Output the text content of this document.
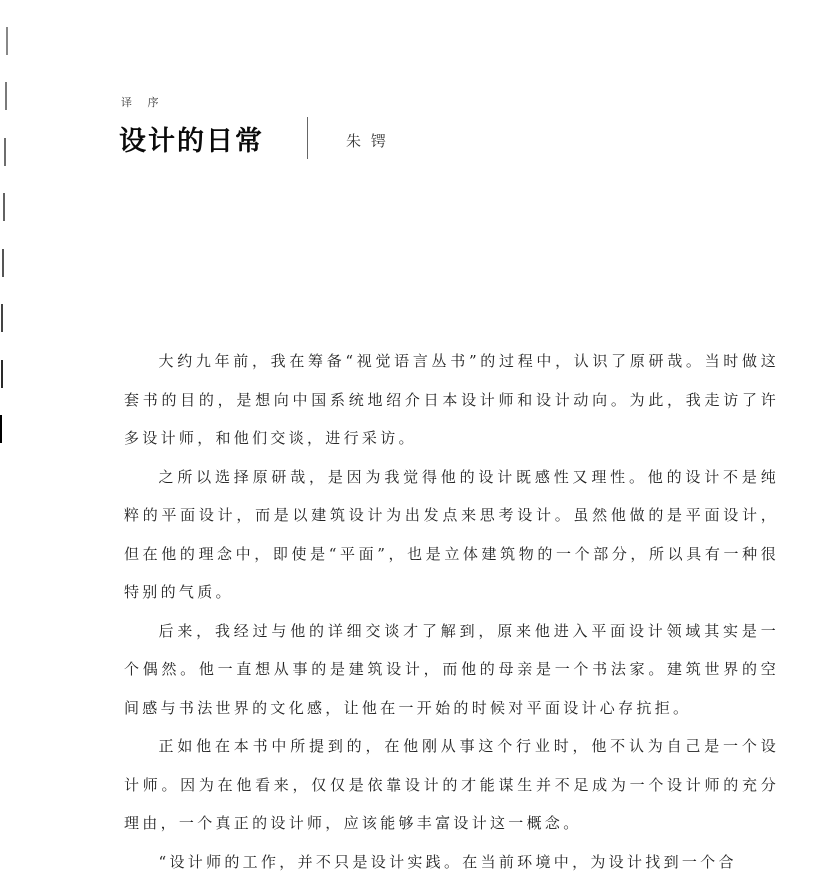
译 序
设计的日常	朱锷

大约九年前，我在筹备“视觉语言丛书”的过程中，认识了原研哉。当时做这套书的目的，是想向中国系统地绍介日本设计师和设计动向。为此，我走访了许多设计师，和他们交谈，进行采访。

之所以选择原研哉，是因为我觉得他的设计既感性又理性。他的设计不是纯粹的平面设计，而是以建筑设计为出发点来思考设计。虽然他做的是平面设计，但在他的理念中，即使是“平面”，也是立体建筑物的一个部分，所以具有一种很特别的气质。

后来，我经过与他的详细交谈才了解到，原来他进入平面设计领域其实是一个偶然。他一直想从事的是建筑设计，而他的母亲是一个书法家。建筑世界的空间感与书法世界的文化感，让他在一开始的时候对平面设计心存抗拒。

正如他在本书中所提到的，在他刚从事这个行业时，他不认为自己是一个设计师。因为在他看来，仅仅是依靠设计的才能谋生并不足成为一个设计师的充分理由，一个真正的设计师，应该能够丰富设计这一概念。

“设计师的工作，并不只是设计实践。在当前环境中，为设计找到一个合
